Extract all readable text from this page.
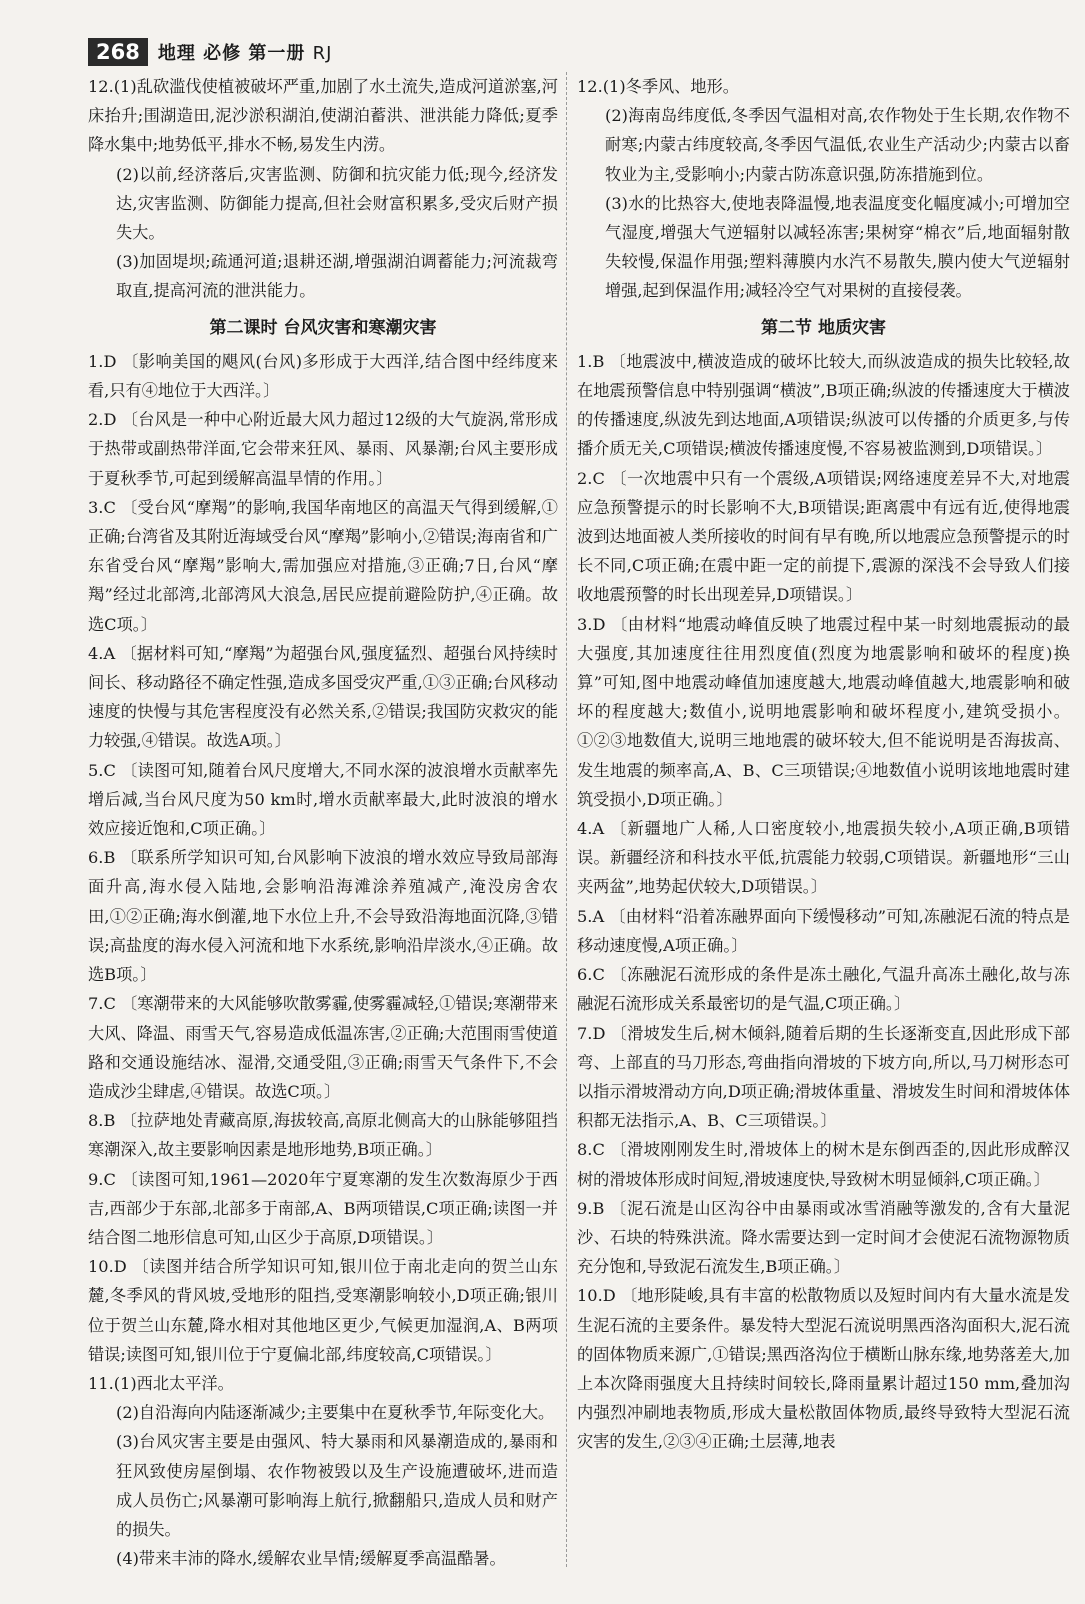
268	地理 必修 第一册 RJ

12.(1)乱砍滥伐使植被破坏严重,加剧了水土流失,造成河道淤塞,河床抬升;围湖造田,泥沙淤积湖泊,使湖泊蓄洪、泄洪能力降低;夏季降水集中;地势低平,排水不畅,易发生内涝。

(2)以前,经济落后,灾害监测、防御和抗灾能力低;现今,经济发达,灾害监测、防御能力提高,但社会财富积累多,受灾后财产损失大。

(3)加固堤坝;疏通河道;退耕还湖,增强湖泊调蓄能力;河流裁弯取直,提高河流的泄洪能力。

第二课时 台风灾害和寒潮灾害

1.D 〔影响美国的飓风(台风)多形成于大西洋,结合图中经纬度来看,只有④地位于大西洋。〕

2.D 〔台风是一种中心附近最大风力超过12级的大气旋涡,常形成于热带或副热带洋面,它会带来狂风、暴雨、风暴潮;台风主要形成于夏秋季节,可起到缓解高温旱情的作用。〕

3.C 〔受台风“摩羯”的影响,我国华南地区的高温天气得到缓解,①正确;台湾省及其附近海域受台风“摩羯”影响小,②错误;海南省和广东省受台风“摩羯”影响大,需加强应对措施,③正确;7日,台风“摩羯”经过北部湾,北部湾风大浪急,居民应提前避险防护,④正确。故选C项。〕

4.A 〔据材料可知,“摩羯”为超强台风,强度猛烈、超强台风持续时间长、移动路径不确定性强,造成多国受灾严重,①③正确;台风移动速度的快慢与其危害程度没有必然关系,②错误;我国防灾救灾的能力较强,④错误。故选A项。〕

5.C 〔读图可知,随着台风尺度增大,不同水深的波浪增水贡献率先增后减,当台风尺度为50 km时,增水贡献率最大,此时波浪的增水效应接近饱和,C项正确。〕

6.B 〔联系所学知识可知,台风影响下波浪的增水效应导致局部海面升高,海水侵入陆地,会影响沿海滩涂养殖减产,淹没房舍农田,①②正确;海水倒灌,地下水位上升,不会导致沿海地面沉降,③错误;高盐度的海水侵入河流和地下水系统,影响沿岸淡水,④正确。故选B项。〕

7.C 〔寒潮带来的大风能够吹散雾霾,使雾霾减轻,①错误;寒潮带来大风、降温、雨雪天气,容易造成低温冻害,②正确;大范围雨雪使道路和交通设施结冰、湿滑,交通受阻,③正确;雨雪天气条件下,不会造成沙尘肆虐,④错误。故选C项。〕

8.B 〔拉萨地处青藏高原,海拔较高,高原北侧高大的山脉能够阻挡寒潮深入,故主要影响因素是地形地势,B项正确。〕

9.C 〔读图可知,1961—2020年宁夏寒潮的发生次数海原少于西吉,西部少于东部,北部多于南部,A、B两项错误,C项正确;读图一并结合图二地形信息可知,山区少于高原,D项错误。〕

10.D 〔读图并结合所学知识可知,银川位于南北走向的贺兰山东麓,冬季风的背风坡,受地形的阻挡,受寒潮影响较小,D项正确;银川位于贺兰山东麓,降水相对其他地区更少,气候更加湿润,A、B两项错误;读图可知,银川位于宁夏偏北部,纬度较高,C项错误。〕

11.(1)西北太平洋。

(2)自沿海向内陆逐渐减少;主要集中在夏秋季节,年际变化大。

(3)台风灾害主要是由强风、特大暴雨和风暴潮造成的,暴雨和狂风致使房屋倒塌、农作物被毁以及生产设施遭破坏,进而造成人员伤亡;风暴潮可影响海上航行,掀翻船只,造成人员和财产的损失。

(4)带来丰沛的降水,缓解农业旱情;缓解夏季高温酷暑。

12.(1)冬季风、地形。

(2)海南岛纬度低,冬季因气温相对高,农作物处于生长期,农作物不耐寒;内蒙古纬度较高,冬季因气温低,农业生产活动少;内蒙古以畜牧业为主,受影响小;内蒙古防冻意识强,防冻措施到位。

(3)水的比热容大,使地表降温慢,地表温度变化幅度减小;可增加空气湿度,增强大气逆辐射以减轻冻害;果树穿“棉衣”后,地面辐射散失较慢,保温作用强;塑料薄膜内水汽不易散失,膜内使大气逆辐射增强,起到保温作用;减轻冷空气对果树的直接侵袭。

第二节 地质灾害

1.B 〔地震波中,横波造成的破坏比较大,而纵波造成的损失比较轻,故在地震预警信息中特别强调“横波”,B项正确;纵波的传播速度大于横波的传播速度,纵波先到达地面,A项错误;纵波可以传播的介质更多,与传播介质无关,C项错误;横波传播速度慢,不容易被监测到,D项错误。〕

2.C 〔一次地震中只有一个震级,A项错误;网络速度差异不大,对地震应急预警提示的时长影响不大,B项错误;距离震中有远有近,使得地震波到达地面被人类所接收的时间有早有晚,所以地震应急预警提示的时长不同,C项正确;在震中距一定的前提下,震源的深浅不会导致人们接收地震预警的时长出现差异,D项错误。〕

3.D 〔由材料“地震动峰值反映了地震过程中某一时刻地震振动的最大强度,其加速度往往用烈度值(烈度为地震影响和破坏的程度)换算”可知,图中地震动峰值加速度越大,地震动峰值越大,地震影响和破坏的程度越大;数值小,说明地震影响和破坏程度小,建筑受损小。①②③地数值大,说明三地地震的破坏较大,但不能说明是否海拔高、发生地震的频率高,A、B、C三项错误;④地数值小说明该地地震时建筑受损小,D项正确。〕

4.A 〔新疆地广人稀,人口密度较小,地震损失较小,A项正确,B项错误。新疆经济和科技水平低,抗震能力较弱,C项错误。新疆地形“三山夹两盆”,地势起伏较大,D项错误。〕

5.A 〔由材料“沿着冻融界面向下缓慢移动”可知,冻融泥石流的特点是移动速度慢,A项正确。〕

6.C 〔冻融泥石流形成的条件是冻土融化,气温升高冻土融化,故与冻融泥石流形成关系最密切的是气温,C项正确。〕

7.D 〔滑坡发生后,树木倾斜,随着后期的生长逐渐变直,因此形成下部弯、上部直的马刀形态,弯曲指向滑坡的下坡方向,所以,马刀树形态可以指示滑坡滑动方向,D项正确;滑坡体重量、滑坡发生时间和滑坡体体积都无法指示,A、B、C三项错误。〕

8.C 〔滑坡刚刚发生时,滑坡体上的树木是东倒西歪的,因此形成醉汉树的滑坡体形成时间短,滑坡速度快,导致树木明显倾斜,C项正确。〕

9.B 〔泥石流是山区沟谷中由暴雨或冰雪消融等激发的,含有大量泥沙、石块的特殊洪流。降水需要达到一定时间才会使泥石流物源物质充分饱和,导致泥石流发生,B项正确。〕

10.D 〔地形陡峻,具有丰富的松散物质以及短时间内有大量水流是发生泥石流的主要条件。暴发特大型泥石流说明黑西洛沟面积大,泥石流的固体物质来源广,①错误;黑西洛沟位于横断山脉东缘,地势落差大,加上本次降雨强度大且持续时间较长,降雨量累计超过150 mm,叠加沟内强烈冲刷地表物质,形成大量松散固体物质,最终导致特大型泥石流灾害的发生,②③④正确;土层薄,地表
